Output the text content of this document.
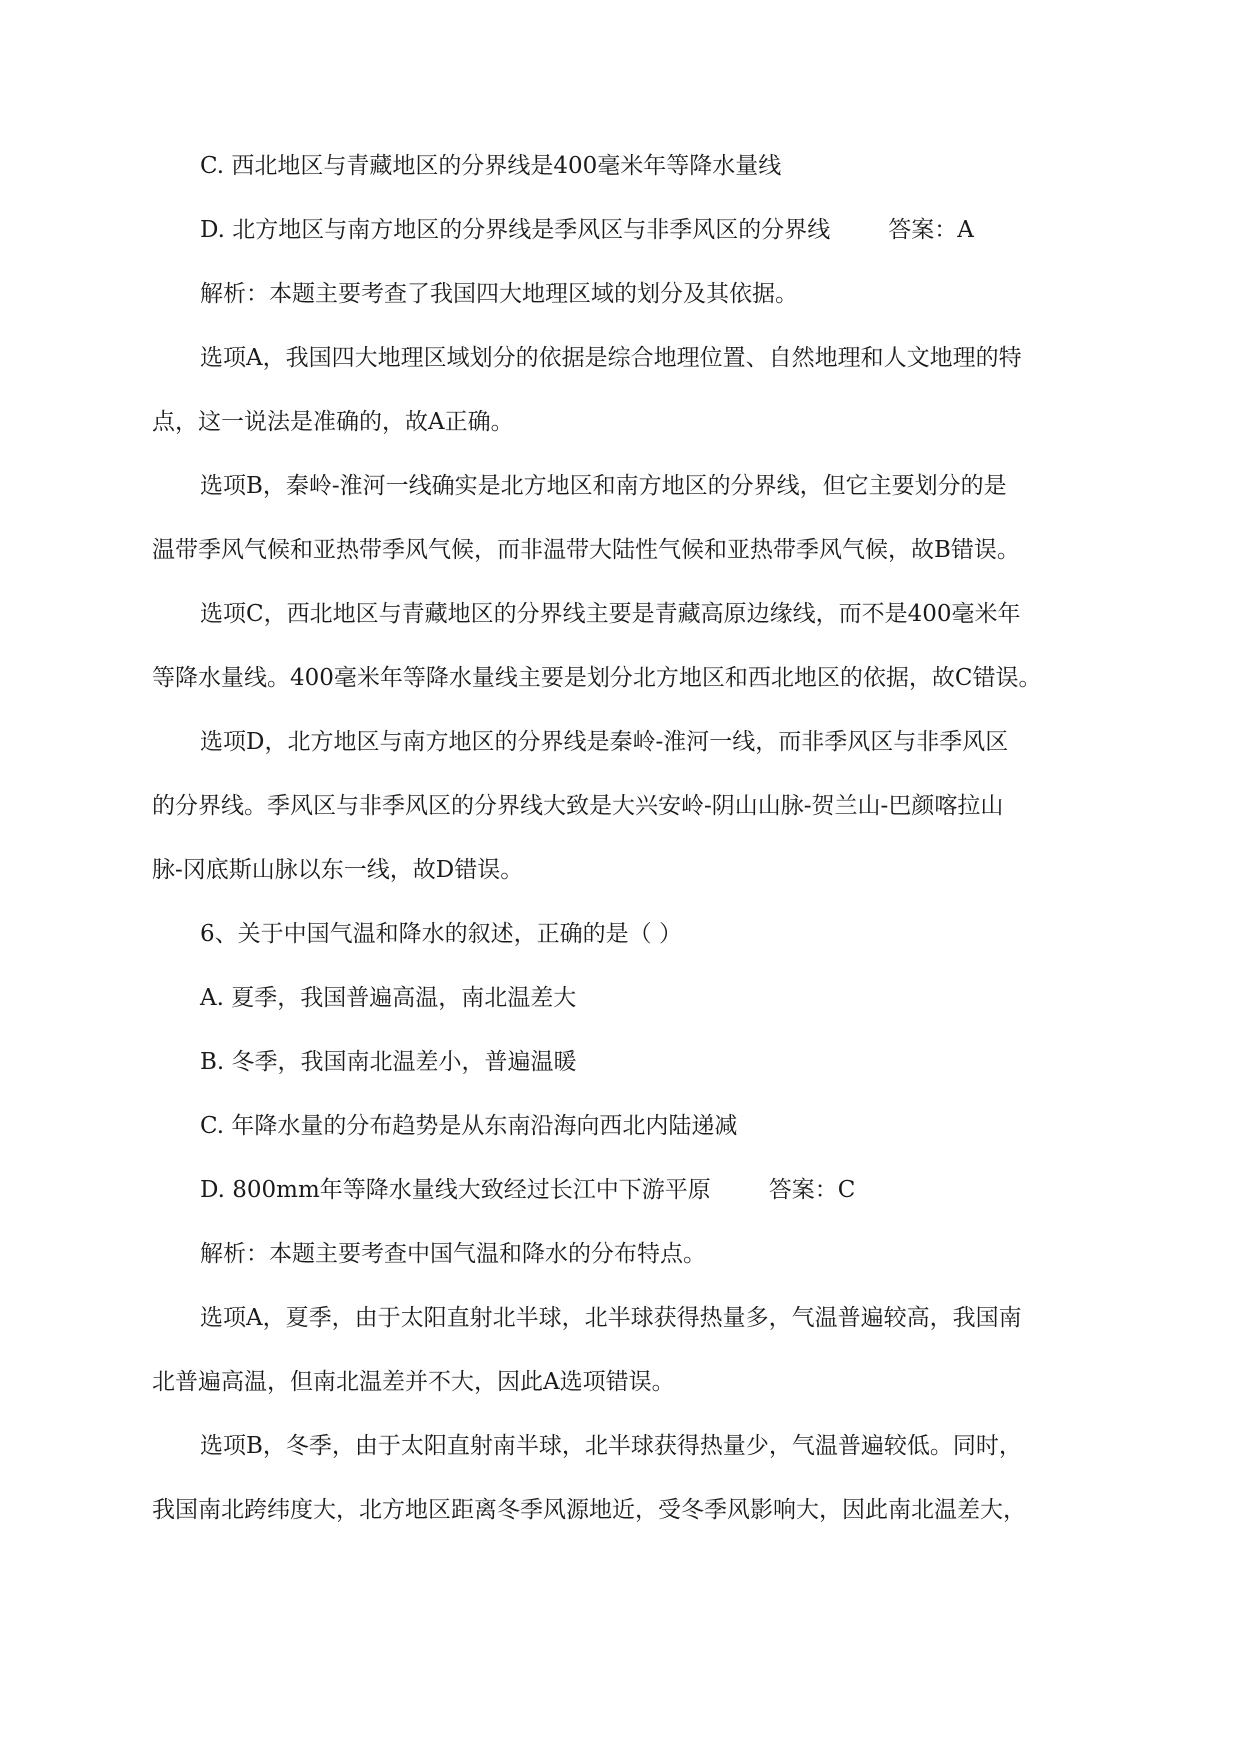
C. 西北地区与青藏地区的分界线是400毫米年等降水量线
D. 北方地区与南方地区的分界线是季风区与非季风区的分界线	答案：A
解析：本题主要考查了我国四大地理区域的划分及其依据。
选项A，我国四大地理区域划分的依据是综合地理位置、自然地理和人文地理的特
点，这一说法是准确的，故A正确。
选项B，秦岭-淮河一线确实是北方地区和南方地区的分界线，但它主要划分的是
温带季风气候和亚热带季风气候，而非温带大陆性气候和亚热带季风气候，故B错误。
选项C，西北地区与青藏地区的分界线主要是青藏高原边缘线，而不是400毫米年
等降水量线。400毫米年等降水量线主要是划分北方地区和西北地区的依据，故C错误。
选项D，北方地区与南方地区的分界线是秦岭-淮河一线，而非季风区与非季风区
的分界线。季风区与非季风区的分界线大致是大兴安岭-阴山山脉-贺兰山-巴颜喀拉山
脉-冈底斯山脉以东一线，故D错误。
6、关于中国气温和降水的叙述，正确的是（ ）
A. 夏季，我国普遍高温，南北温差大
B. 冬季，我国南北温差小，普遍温暖
C. 年降水量的分布趋势是从东南沿海向西北内陆递减
D. 800mm年等降水量线大致经过长江中下游平原	答案：C
解析：本题主要考查中国气温和降水的分布特点。
选项A，夏季，由于太阳直射北半球，北半球获得热量多，气温普遍较高，我国南
北普遍高温，但南北温差并不大，因此A选项错误。
选项B，冬季，由于太阳直射南半球，北半球获得热量少，气温普遍较低。同时，
我国南北跨纬度大，北方地区距离冬季风源地近，受冬季风影响大，因此南北温差大，
